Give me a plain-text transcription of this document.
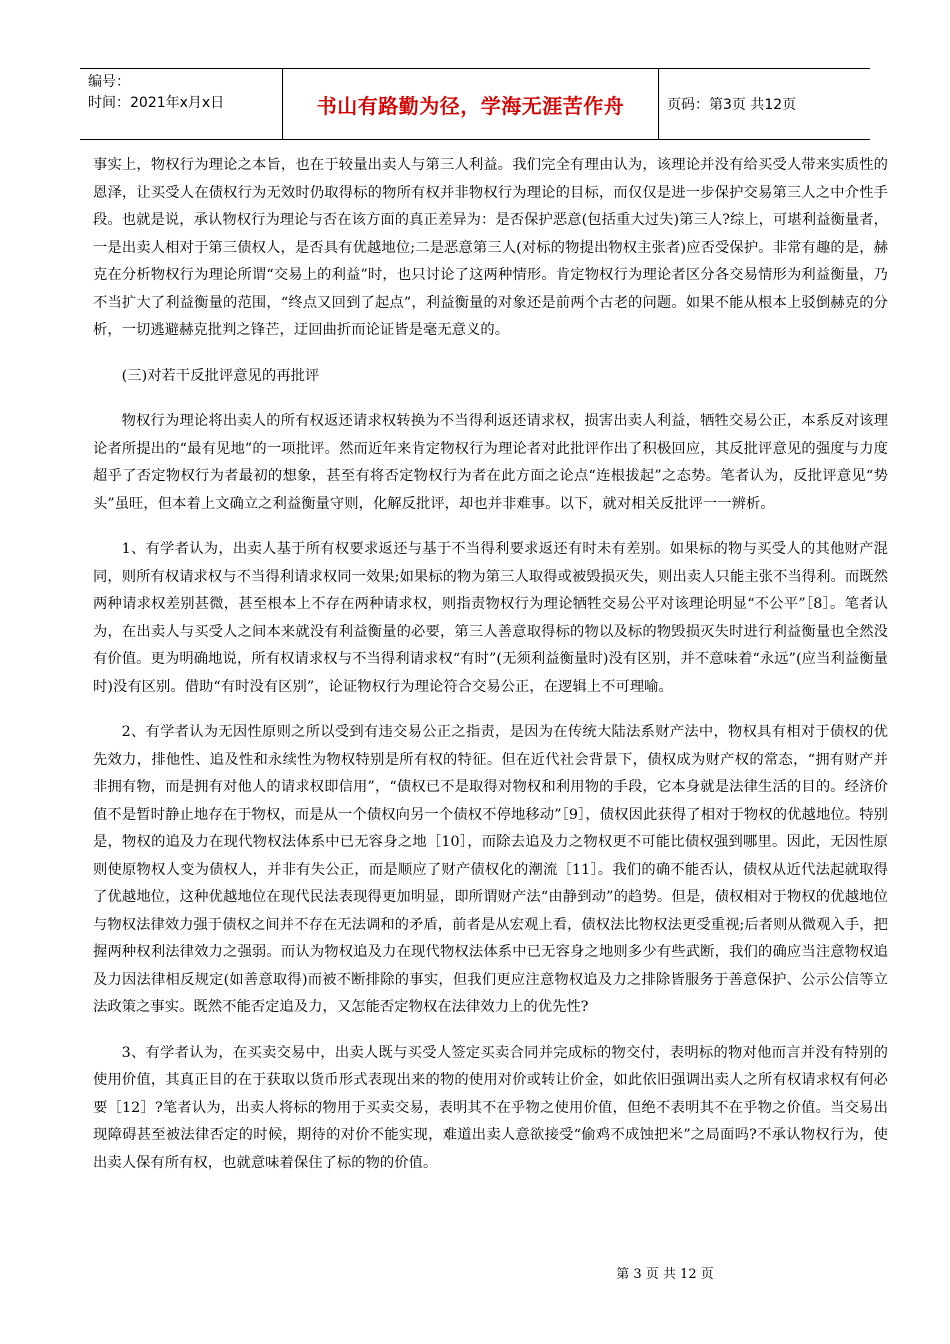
编号：
时间：2021年x月x日	书山有路勤为径，学海无涯苦作舟	页码：第3页 共12页

事实上，物权行为理论之本旨，也在于较量出卖人与第三人利益。我们完全有理由认为，该理论并没有给买受人带来实质性的恩泽，让买受人在债权行为无效时仍取得标的物所有权并非物权行为理论的目标，而仅仅是进一步保护交易第三人之中介性手段。也就是说，承认物权行为理论与否在该方面的真正差异为：是否保护恶意(包括重大过失)第三人?综上，可堪利益衡量者，一是出卖人相对于第三债权人，是否具有优越地位;二是恶意第三人(对标的物提出物权主张者)应否受保护。非常有趣的是，赫克在分析物权行为理论所谓“交易上的利益”时，也只讨论了这两种情形。肯定物权行为理论者区分各交易情形为利益衡量，乃不当扩大了利益衡量的范围，“终点又回到了起点”，利益衡量的对象还是前两个古老的问题。如果不能从根本上驳倒赫克的分析，一切逃避赫克批判之锋芒，迂回曲折而论证皆是毫无意义的。

(三)对若干反批评意见的再批评

物权行为理论将出卖人的所有权返还请求权转换为不当得利返还请求权，损害出卖人利益，牺牲交易公正，本系反对该理论者所提出的“最有见地”的一项批评。然而近年来肯定物权行为理论者对此批评作出了积极回应，其反批评意见的强度与力度超乎了否定物权行为者最初的想象，甚至有将否定物权行为者在此方面之论点“连根拔起”之态势。笔者认为，反批评意见“势头”虽旺，但本着上文确立之利益衡量守则，化解反批评，却也并非难事。以下，就对相关反批评一一辨析。

1、有学者认为，出卖人基于所有权要求返还与基于不当得利要求返还有时未有差别。如果标的物与买受人的其他财产混同，则所有权请求权与不当得利请求权同一效果;如果标的物为第三人取得或被毁损灭失，则出卖人只能主张不当得利。而既然两种请求权差别甚微，甚至根本上不存在两种请求权，则指责物权行为理论牺牲交易公平对该理论明显“不公平”［8］。笔者认为，在出卖人与买受人之间本来就没有利益衡量的必要，第三人善意取得标的物以及标的物毁损灭失时进行利益衡量也全然没有价值。更为明确地说，所有权请求权与不当得利请求权“有时”(无须利益衡量时)没有区别，并不意味着“永远”(应当利益衡量时)没有区别。借助“有时没有区别”，论证物权行为理论符合交易公正，在逻辑上不可理喻。

2、有学者认为无因性原则之所以受到有违交易公正之指责，是因为在传统大陆法系财产法中，物权具有相对于债权的优先效力，排他性、追及性和永续性为物权特别是所有权的特征。但在近代社会背景下，债权成为财产权的常态，“拥有财产并非拥有物，而是拥有对他人的请求权即信用”，“债权已不是取得对物权和利用物的手段，它本身就是法律生活的目的。经济价值不是暂时静止地存在于物权，而是从一个债权向另一个债权不停地移动”［9］，债权因此获得了相对于物权的优越地位。特别是，物权的追及力在现代物权法体系中已无容身之地［10］，而除去追及力之物权更不可能比债权强到哪里。因此，无因性原则使原物权人变为债权人，并非有失公正，而是顺应了财产债权化的潮流［11］。我们的确不能否认，债权从近代法起就取得了优越地位，这种优越地位在现代民法表现得更加明显，即所谓财产法“由静到动”的趋势。但是，债权相对于物权的优越地位与物权法律效力强于债权之间并不存在无法调和的矛盾，前者是从宏观上看，债权法比物权法更受重视;后者则从微观入手，把握两种权利法律效力之强弱。而认为物权追及力在现代物权法体系中已无容身之地则多少有些武断，我们的确应当注意物权追及力因法律相反规定(如善意取得)而被不断排除的事实，但我们更应注意物权追及力之排除皆服务于善意保护、公示公信等立法政策之事实。既然不能否定追及力，又怎能否定物权在法律效力上的优先性?

3、有学者认为，在买卖交易中，出卖人既与买受人签定买卖合同并完成标的物交付，表明标的物对他而言并没有特别的使用价值，其真正目的在于获取以货币形式表现出来的物的使用对价或转让价金，如此依旧强调出卖人之所有权请求权有何必要［12］?笔者认为，出卖人将标的物用于买卖交易，表明其不在乎物之使用价值，但绝不表明其不在乎物之价值。当交易出现障碍甚至被法律否定的时候，期待的对价不能实现，难道出卖人意欲接受“偷鸡不成蚀把米”之局面吗?不承认物权行为，使出卖人保有所有权，也就意味着保住了标的物的价值。

第 3 页 共 12 页
